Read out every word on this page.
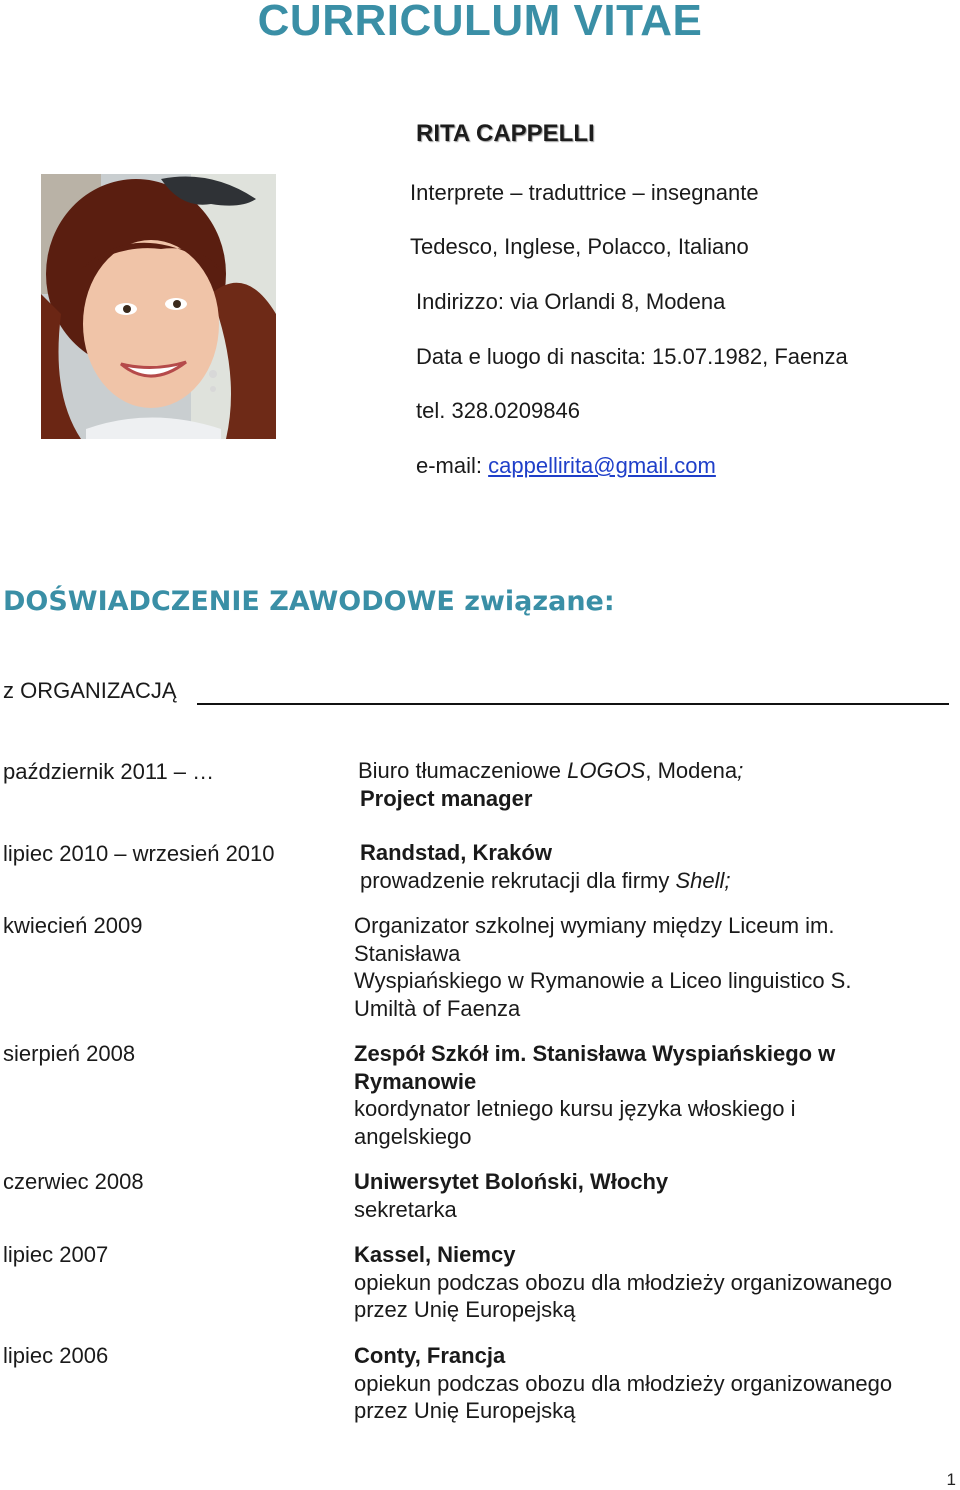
CURRICULUM VITAE
RITA CAPPELLI
Interprete – traduttrice – insegnante
Tedesco, Inglese, Polacco, Italiano
Indirizzo: via Orlandi 8, Modena
Data e luogo di nascita: 15.07.1982, Faenza
tel. 328.0209846
e-mail: cappellirita@gmail.com
DOŚWIADCZENIE ZAWODOWE związane:
z ORGANIZACJĄ
październik 2011 – …	Biuro tłumaczeniowe LOGOS, Modena;
Project manager
lipiec 2010 – wrzesień 2010	Randstad, Kraków
prowadzenie rekrutacji dla firmy Shell;
kwiecień 2009	Organizator szkolnej wymiany między Liceum im.
Stanisława
Wyspiańskiego w Rymanowie a Liceo linguistico S.
Umiltà of Faenza
sierpień 2008	Zespół Szkół im. Stanisława Wyspiańskiego w
Rymanowie
koordynator letniego kursu języka włoskiego i
angelskiego
czerwiec 2008	Uniwersytet Boloński, Włochy
sekretarka
lipiec 2007	Kassel, Niemcy
opiekun podczas obozu dla młodzieży organizowanego
przez Unię Europejską
lipiec 2006	Conty, Francja
opiekun podczas obozu dla młodzieży organizowanego
przez Unię Europejską
1
